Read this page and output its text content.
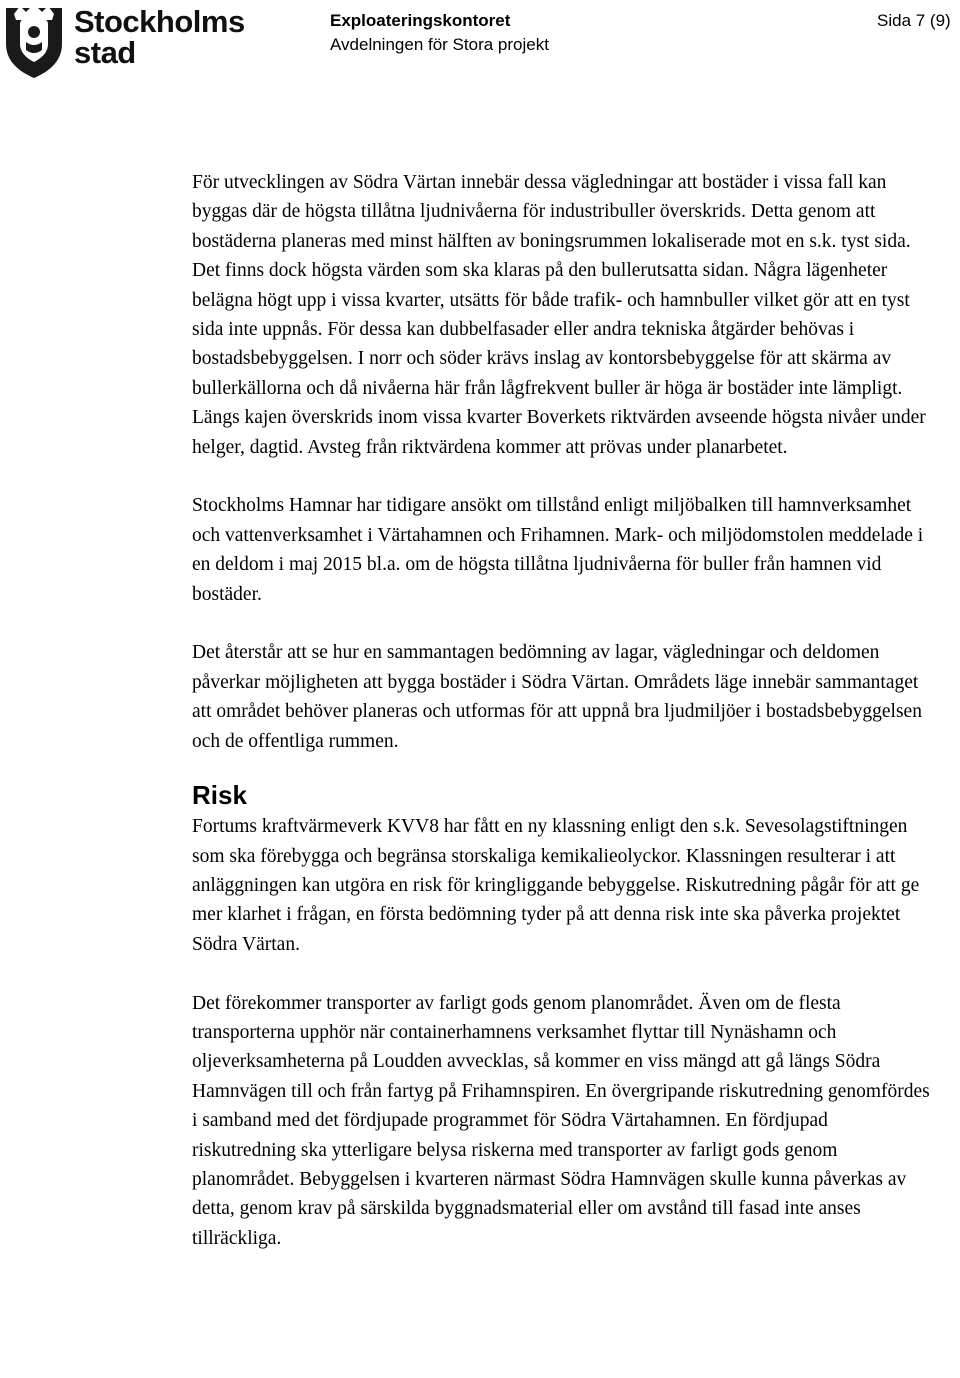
Stockholms
stad
Exploateringskontoret
Avdelningen för Stora projekt
Sida 7 (9)

För utvecklingen av Södra Värtan innebär dessa vägledningar att bostäder i vissa fall kan byggas där de högsta tillåtna ljudnivåerna för industribuller överskrids. Detta genom att bostäderna planeras med minst hälften av boningsrummen lokaliserade mot en s.k. tyst sida. Det finns dock högsta värden som ska klaras på den bullerutsatta sidan. Några lägenheter belägna högt upp i vissa kvarter, utsätts för både trafik- och hamnbuller vilket gör att en tyst sida inte uppnås. För dessa kan dubbelfasader eller andra tekniska åtgärder behövas i bostadsbebyggelsen. I norr och söder krävs inslag av kontorsbebyggelse för att skärma av bullerkällorna och då nivåerna här från lågfrekvent buller är höga är bostäder inte lämpligt. Längs kajen överskrids inom vissa kvarter Boverkets riktvärden avseende högsta nivåer under helger, dagtid. Avsteg från riktvärdena kommer att prövas under planarbetet.

Stockholms Hamnar har tidigare ansökt om tillstånd enligt miljöbalken till hamnverksamhet och vattenverksamhet i Värtahamnen och Frihamnen. Mark- och miljödomstolen meddelade i en deldom i maj 2015 bl.a. om de högsta tillåtna ljudnivåerna för buller från hamnen vid bostäder.

Det återstår att se hur en sammantagen bedömning av lagar, vägledningar och deldomen påverkar möjligheten att bygga bostäder i Södra Värtan. Områdets läge innebär sammantaget att området behöver planeras och utformas för att uppnå bra ljudmiljöer i bostadsbebyggelsen och de offentliga rummen.

Risk

Fortums kraftvärmeverk KVV8 har fått en ny klassning enligt den s.k. Sevesolagstiftningen som ska förebygga och begränsa storskaliga kemikalieolyckor. Klassningen resulterar i att anläggningen kan utgöra en risk för kringliggande bebyggelse. Riskutredning pågår för att ge mer klarhet i frågan, en första bedömning tyder på att denna risk inte ska påverka projektet Södra Värtan.

Det förekommer transporter av farligt gods genom planområdet. Även om de flesta transporterna upphör när containerhamnens verksamhet flyttar till Nynäshamn och oljeverksamheterna på Loudden avvecklas, så kommer en viss mängd att gå längs Södra Hamnvägen till och från fartyg på Frihamnspiren. En övergripande riskutredning genomfördes i samband med det fördjupade programmet för Södra Värtahamnen. En fördjupad riskutredning ska ytterligare belysa riskerna med transporter av farligt gods genom planområdet. Bebyggelsen i kvarteren närmast Södra Hamnvägen skulle kunna påverkas av detta, genom krav på särskilda byggnadsmaterial eller om avstånd till fasad inte anses tillräckliga.
